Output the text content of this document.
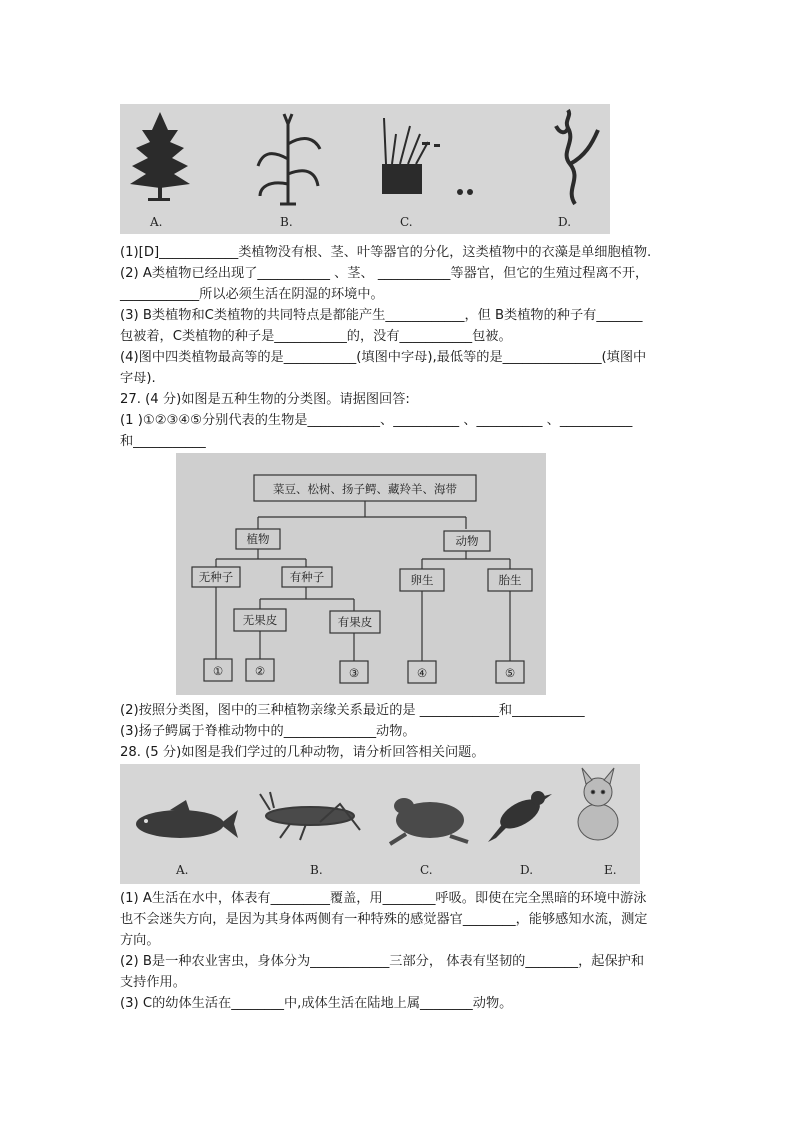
A.	B.	C.	D.
(1)[D]____________类植物没有根、茎、叶等器官的分化，这类植物中的衣藻是单细胞植物.
(2) A类植物已经出现了___________ 、茎、 ___________等器官，但它的生殖过程离不开，
____________所以必须生活在阴湿的环境中。
(3) B类植物和C类植物的共同特点是都能产生____________，但 B类植物的种子有_______
包被着，C类植物的种子是___________的，没有___________包被。
(4)图中四类植物最高等的是___________(填图中字母),最低等的是_______________(填图中
字母).
27. (4 分)如图是五种生物的分类图。请据图回答:
(1 )①②③④⑤分别代表的生物是___________、__________ 、__________ 、___________
和___________
菜豆、松树、扬子鳄、藏羚羊、海带
植物	动物
无种子	有种子	卵生	胎生
无果皮	有果皮
①	②	③	④	⑤
(2)按照分类图，图中的三种植物亲缘关系最近的是 ____________和___________
(3)扬子鳄属于脊椎动物中的______________动物。
28. (5 分)如图是我们学过的几种动物，请分析回答相关问题。
A.	B.	C.	D.	E.
(1) A生活在水中，体表有_________覆盖，用________呼吸。即使在完全黑暗的环境中游泳
也不会迷失方向，是因为其身体两侧有一种特殊的感觉器官________，能够感知水流，测定
方向。
(2) B是一种农业害虫，身体分为____________三部分， 体表有坚韧的________，起保护和
支持作用。
(3) C的幼体生活在________中,成体生活在陆地上属________动物。
